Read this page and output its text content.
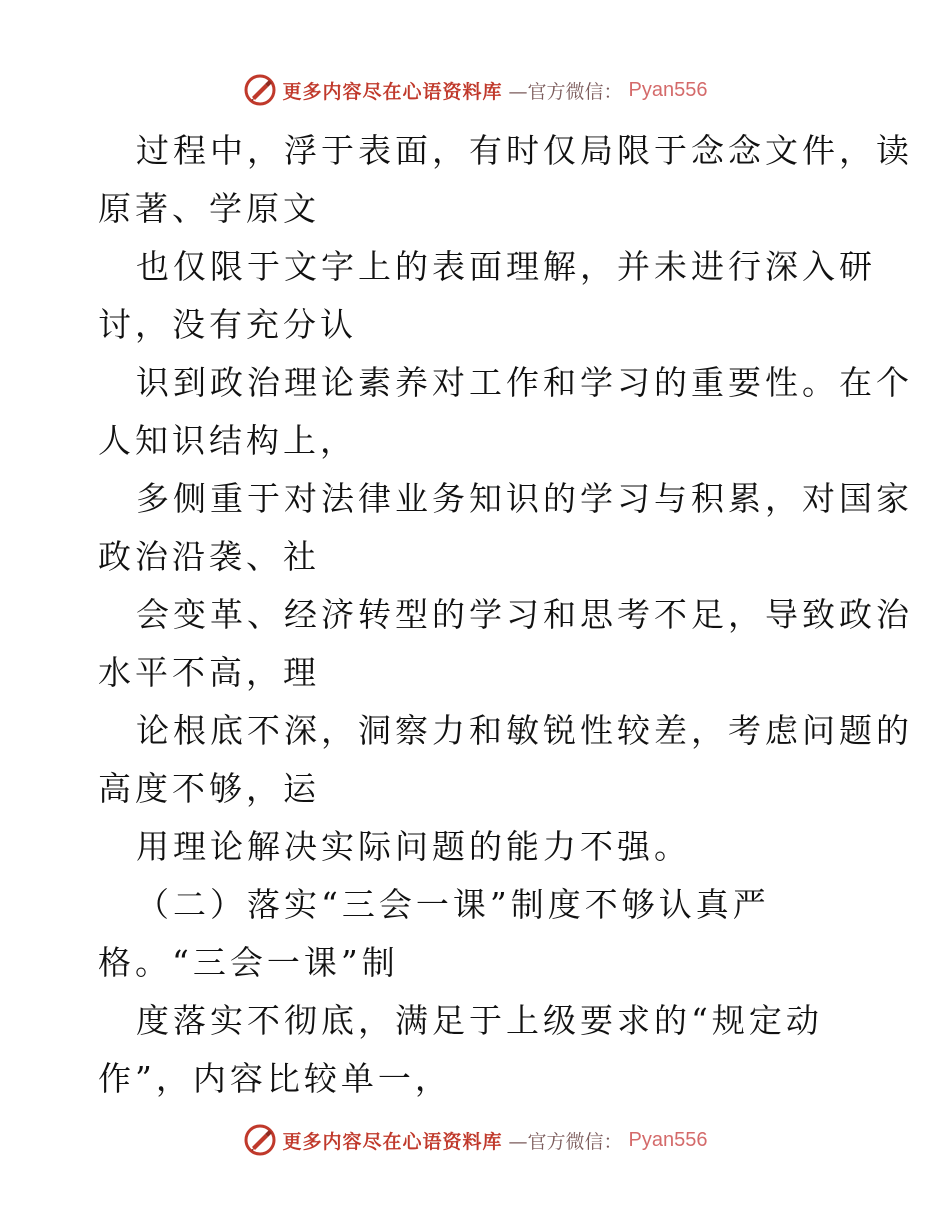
更多内容尽在心语资料库 —官方微信： Pyan556
过程中，浮于表面，有时仅局限于念念文件，读
原著、学原文
也仅限于文字上的表面理解，并未进行深入研
讨，没有充分认
识到政治理论素养对工作和学习的重要性。在个
人知识结构上，
多侧重于对法律业务知识的学习与积累，对国家
政治沿袭、社
会变革、经济转型的学习和思考不足，导致政治
水平不高，理
论根底不深，洞察力和敏锐性较差，考虑问题的
高度不够，运
用理论解决实际问题的能力不强。
（二）落实“三会一课”制度不够认真严
格。“三会一课”制
度落实不彻底，满足于上级要求的“规定动
作”，内容比较单一，
更多内容尽在心语资料库 —官方微信： Pyan556
